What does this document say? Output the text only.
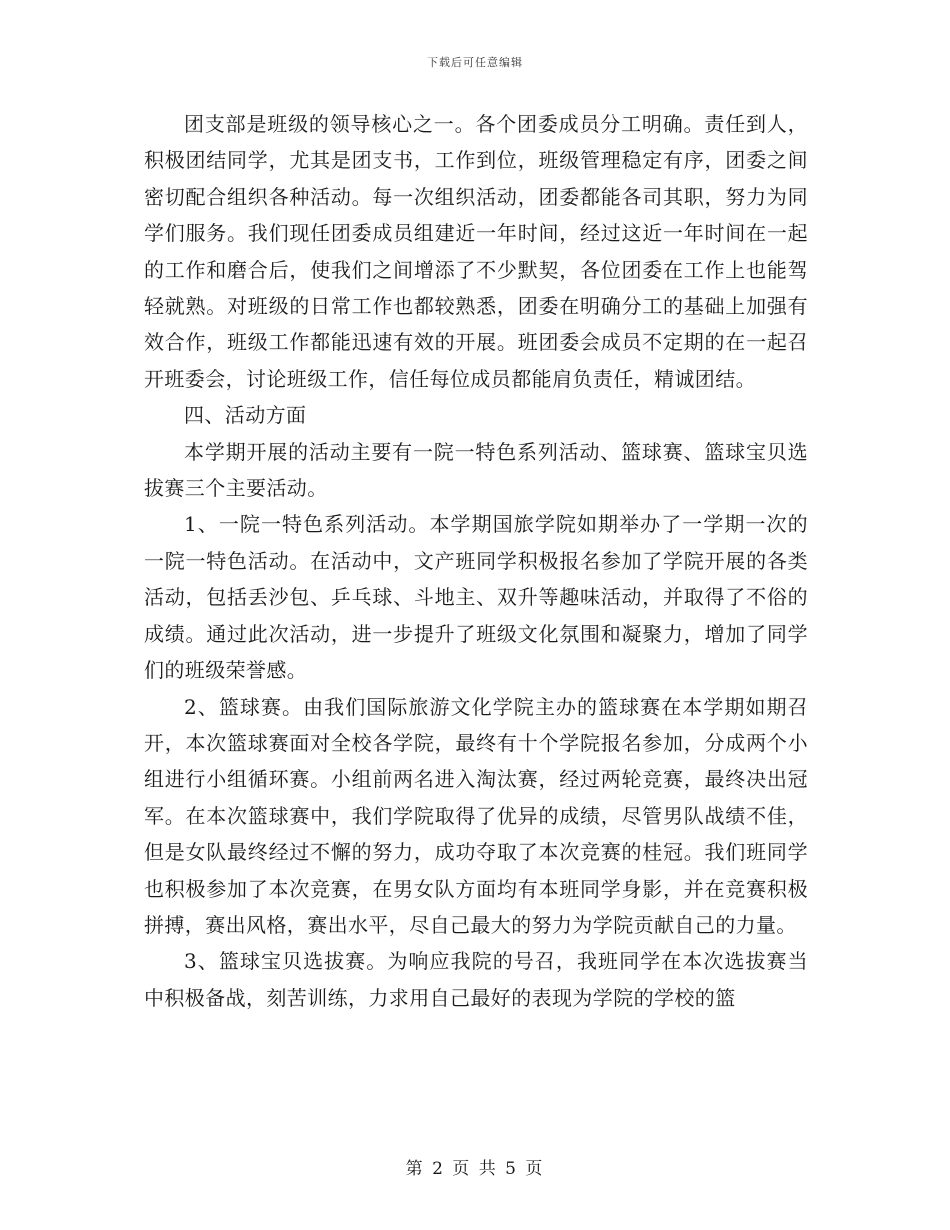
下载后可任意编辑

团支部是班级的领导核心之一。各个团委成员分工明确。责任到人，积极团结同学，尤其是团支书，工作到位，班级管理稳定有序，团委之间密切配合组织各种活动。每一次组织活动，团委都能各司其职，努力为同学们服务。我们现任团委成员组建近一年时间，经过这近一年时间在一起的工作和磨合后，使我们之间增添了不少默契，各位团委在工作上也能驾轻就熟。对班级的日常工作也都较熟悉，团委在明确分工的基础上加强有效合作，班级工作都能迅速有效的开展。班团委会成员不定期的在一起召开班委会，讨论班级工作，信任每位成员都能肩负责任，精诚团结。

四、活动方面

本学期开展的活动主要有一院一特色系列活动、篮球赛、篮球宝贝选拔赛三个主要活动。

1、一院一特色系列活动。本学期国旅学院如期举办了一学期一次的一院一特色活动。在活动中，文产班同学积极报名参加了学院开展的各类活动，包括丢沙包、乒乓球、斗地主、双升等趣味活动，并取得了不俗的成绩。通过此次活动，进一步提升了班级文化氛围和凝聚力，增加了同学们的班级荣誉感。

2、篮球赛。由我们国际旅游文化学院主办的篮球赛在本学期如期召开，本次篮球赛面对全校各学院，最终有十个学院报名参加，分成两个小组进行小组循环赛。小组前两名进入淘汰赛，经过两轮竞赛，最终决出冠军。在本次篮球赛中，我们学院取得了优异的成绩，尽管男队战绩不佳，但是女队最终经过不懈的努力，成功夺取了本次竞赛的桂冠。我们班同学也积极参加了本次竞赛，在男女队方面均有本班同学身影，并在竞赛积极拼搏，赛出风格，赛出水平，尽自己最大的努力为学院贡献自己的力量。

3、篮球宝贝选拔赛。为响应我院的号召，我班同学在本次选拔赛当中积极备战，刻苦训练，力求用自己最好的表现为学院的学校的篮

第 2 页 共 5 页
